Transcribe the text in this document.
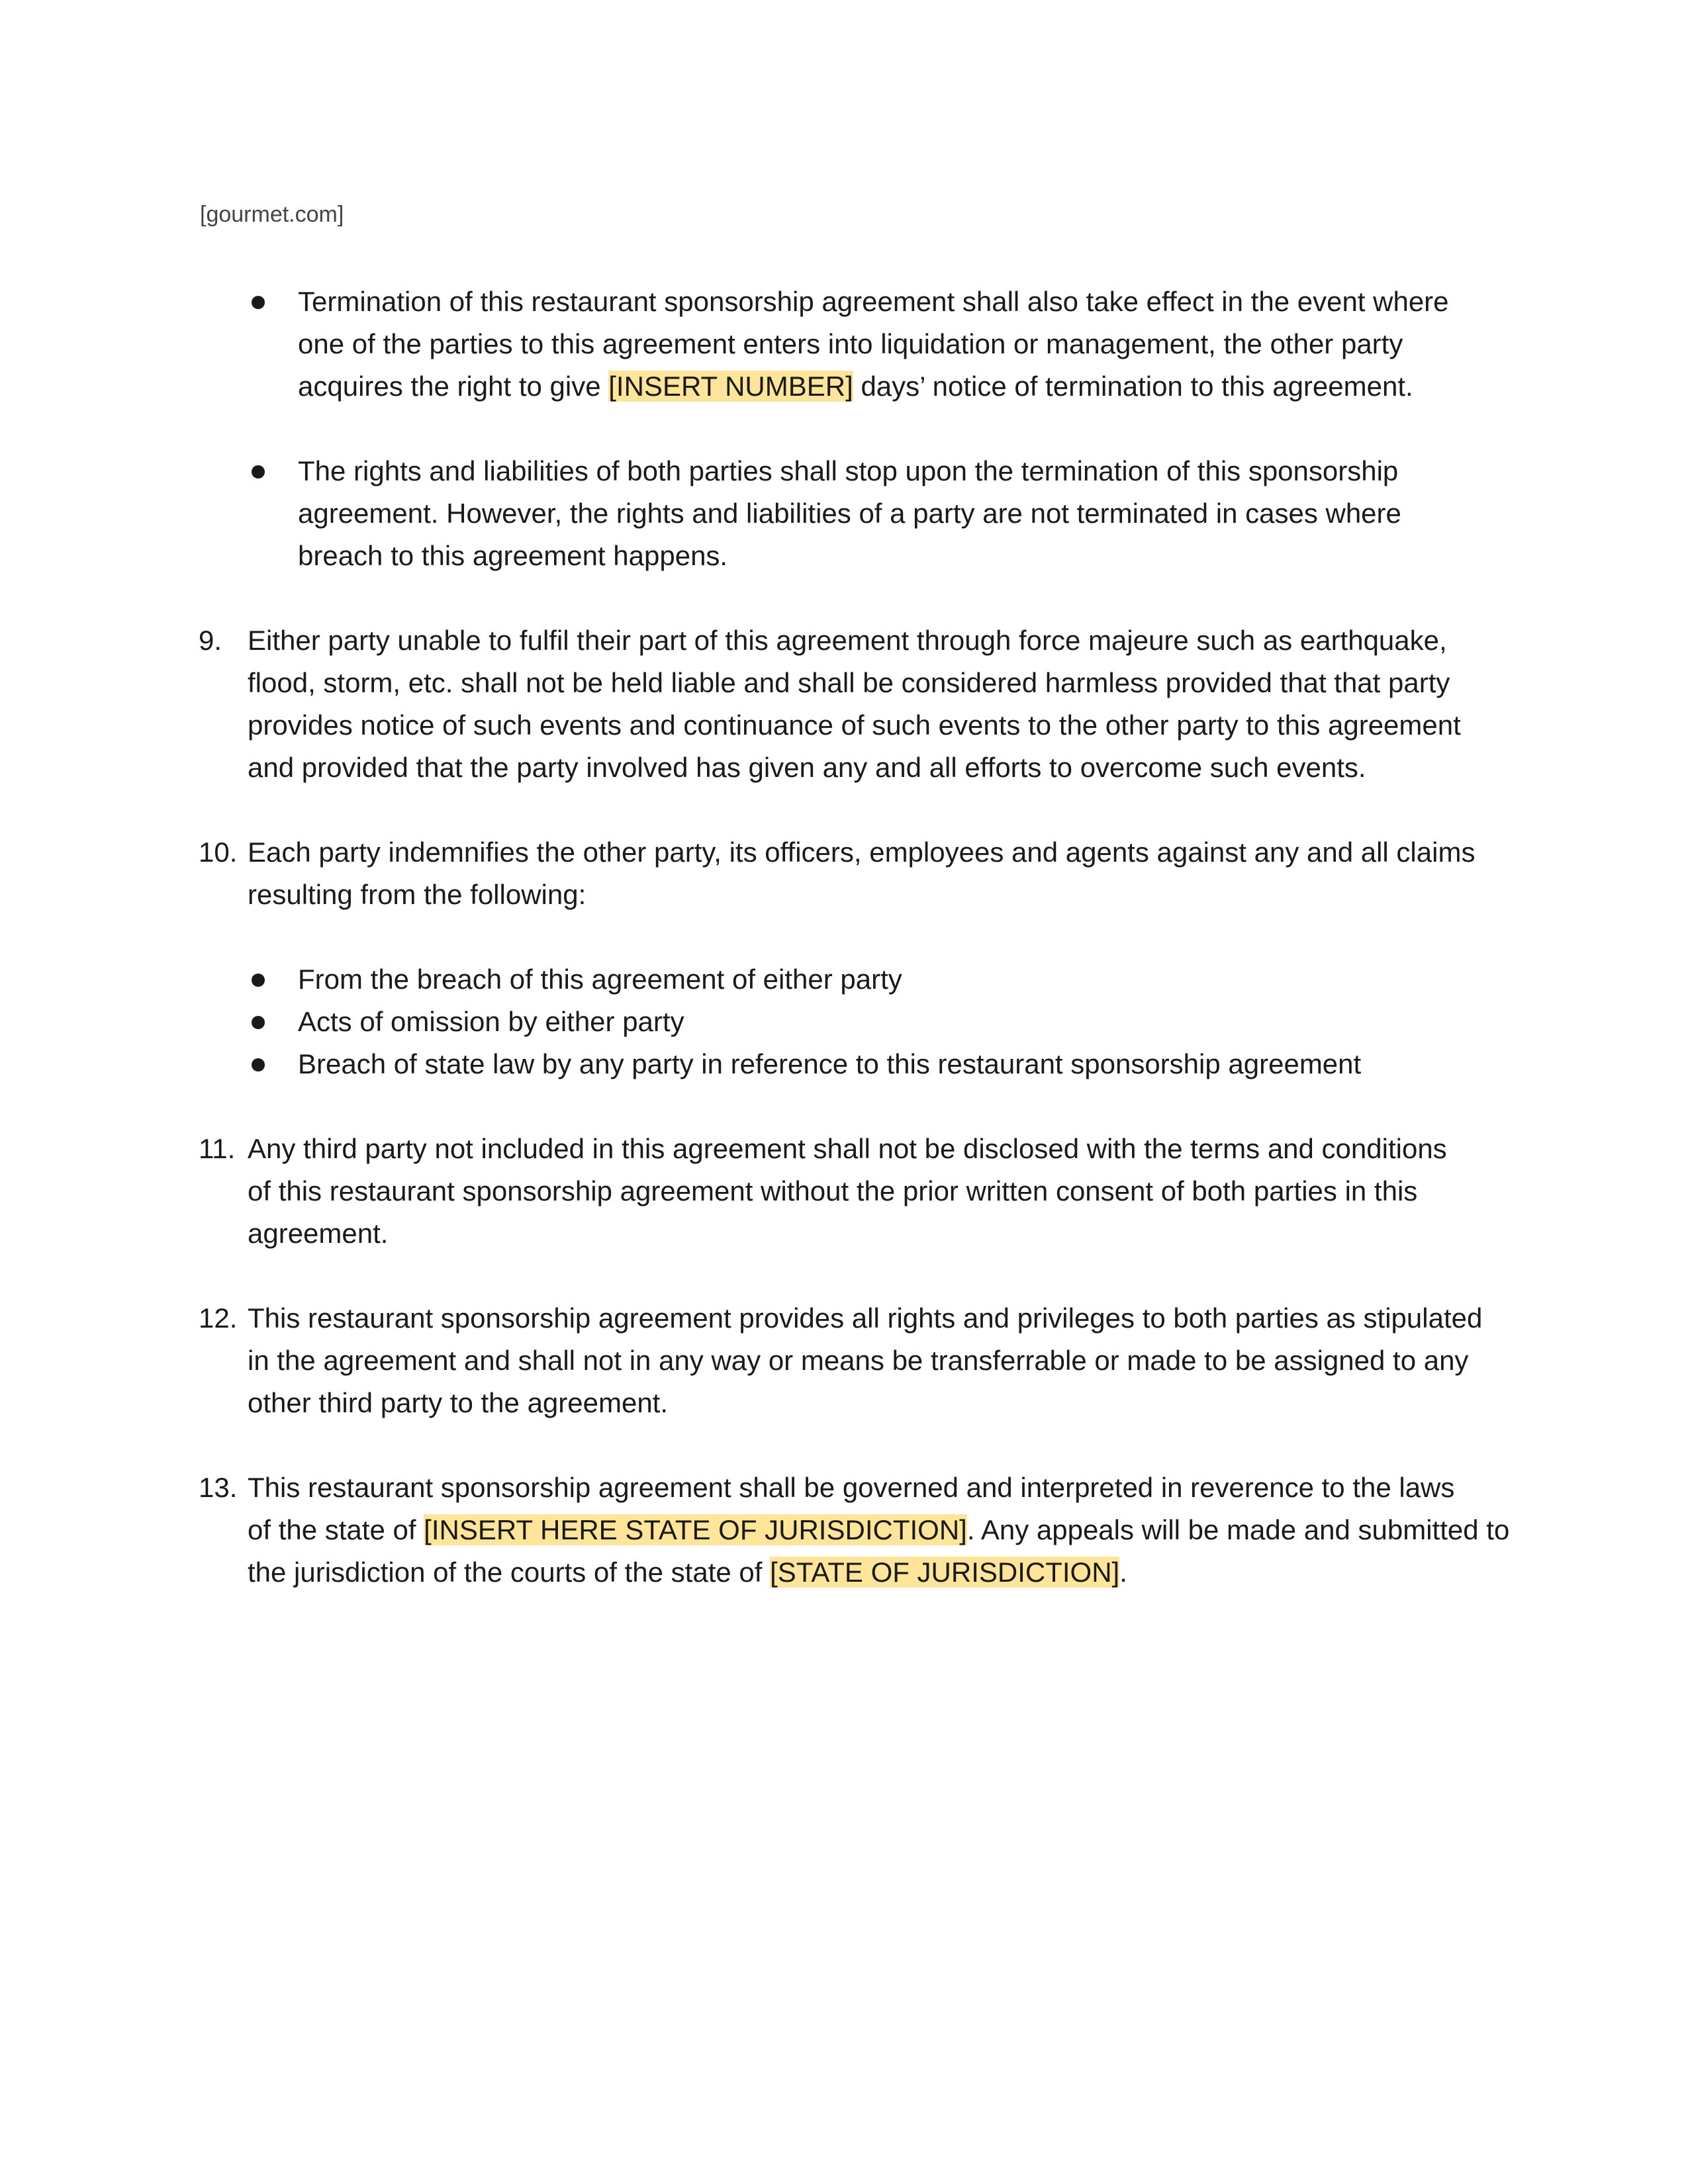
[gourmet.com]
Termination of this restaurant sponsorship agreement shall also take effect in the event where
one of the parties to this agreement enters into liquidation or management, the other party
acquires the right to give [INSERT NUMBER] days’ notice of termination to this agreement.
The rights and liabilities of both parties shall stop upon the termination of this sponsorship
agreement. However, the rights and liabilities of a party are not terminated in cases where
breach to this agreement happens.
9. Either party unable to fulfil their part of this agreement through force majeure such as earthquake,
flood, storm, etc. shall not be held liable and shall be considered harmless provided that that party
provides notice of such events and continuance of such events to the other party to this agreement
and provided that the party involved has given any and all efforts to overcome such events.
10. Each party indemnifies the other party, its officers, employees and agents against any and all claims
resulting from the following:
From the breach of this agreement of either party
Acts of omission by either party
Breach of state law by any party in reference to this restaurant sponsorship agreement
11. Any third party not included in this agreement shall not be disclosed with the terms and conditions
of this restaurant sponsorship agreement without the prior written consent of both parties in this
agreement.
12. This restaurant sponsorship agreement provides all rights and privileges to both parties as stipulated
in the agreement and shall not in any way or means be transferrable or made to be assigned to any
other third party to the agreement.
13. This restaurant sponsorship agreement shall be governed and interpreted in reverence to the laws
of the state of [INSERT HERE STATE OF JURISDICTION]. Any appeals will be made and submitted to
the jurisdiction of the courts of the state of [STATE OF JURISDICTION].
